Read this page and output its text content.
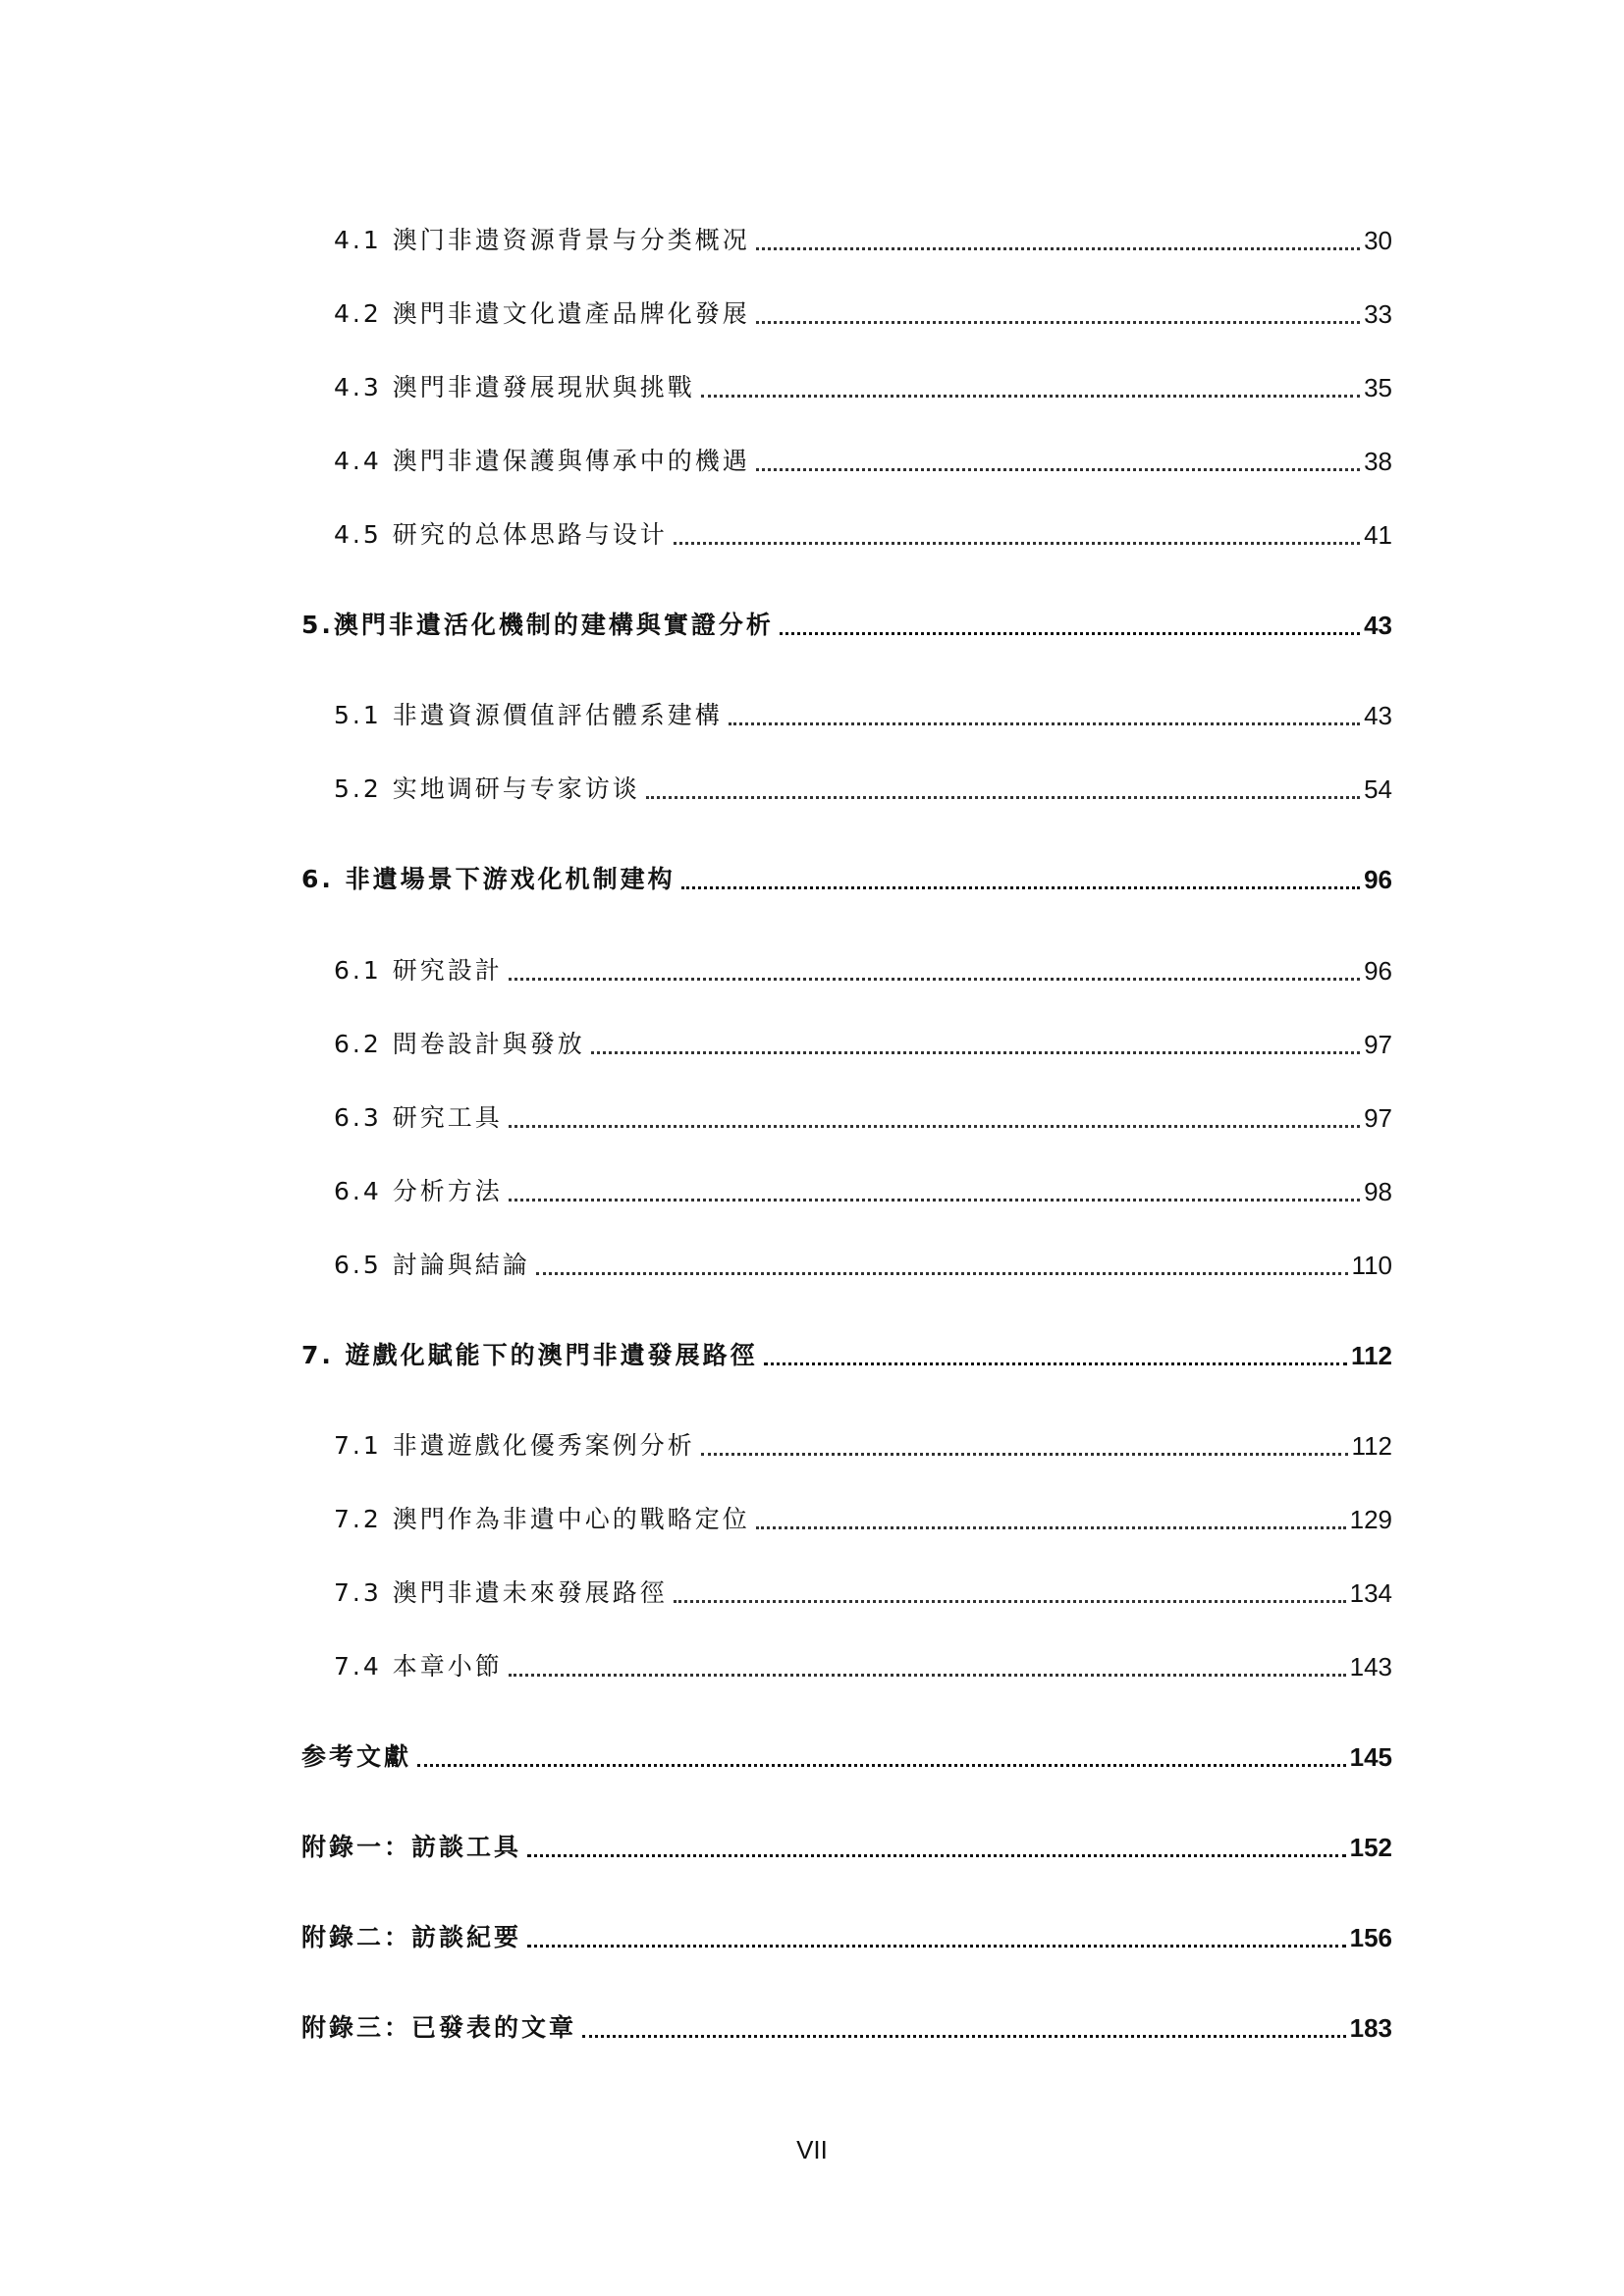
4.1 澳门非遗资源背景与分类概况	30
4.2 澳門非遺文化遺產品牌化發展	33
4.3 澳門非遺發展現狀與挑戰	35
4.4 澳門非遺保護與傳承中的機遇	38
4.5 研究的总体思路与设计	41
5.澳門非遺活化機制的建構與實證分析	43
5.1 非遺資源價值評估體系建構	43
5.2 实地调研与专家访谈	54
6. 非遺場景下游戏化机制建构	96
6.1 研究設計	96
6.2 問卷設計與發放	97
6.3 研究工具	97
6.4 分析方法	98
6.5 討論與結論	110
7. 遊戲化賦能下的澳門非遺發展路徑	112
7.1 非遺遊戲化優秀案例分析	112
7.2 澳門作為非遺中心的戰略定位	129
7.3 澳門非遺未來發展路徑	134
7.4 本章小節	143
参考文獻	145
附錄一：訪談工具	152
附錄二：訪談紀要	156
附錄三：已發表的文章	183
VII
